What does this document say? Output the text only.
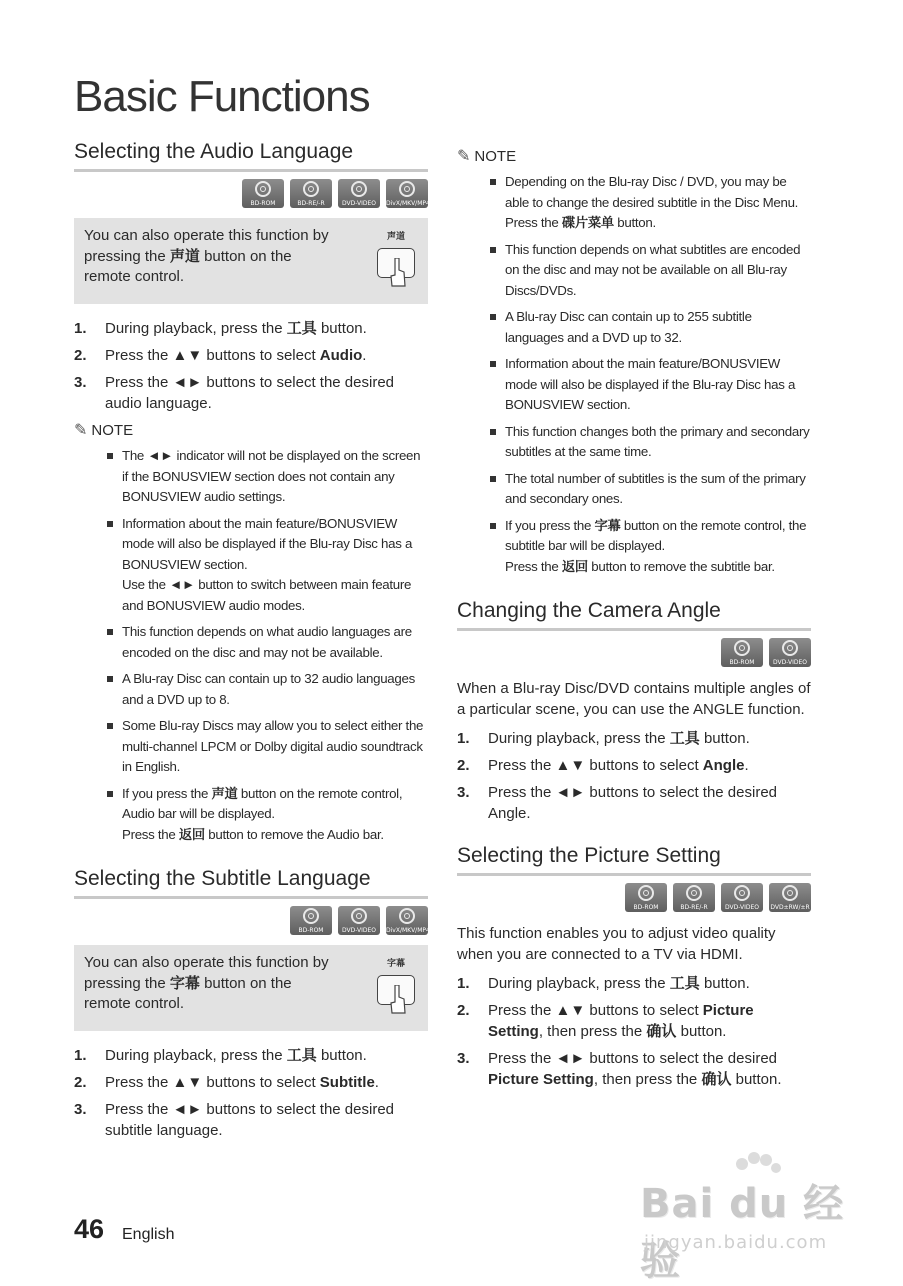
Basic Functions
Selecting the Audio Language
BD-ROM	BD-RE/-R	DVD-VIDEO	DivX/MKV/MP4
You can also operate this function by pressing the 声道 button on the remote control.
声道
1. During playback, press the 工具 button.
2. Press the ▲▼ buttons to select Audio.
3. Press the ◄► buttons to select the desired audio language.
✎ NOTE
The ◄► indicator will not be displayed on the screen if the BONUSVIEW section does not contain any BONUSVIEW audio settings.
Information about the main feature/BONUSVIEW mode will also be displayed if the Blu-ray Disc has a BONUSVIEW section.
Use the ◄► button to switch between main feature and BONUSVIEW audio modes.
This function depends on what audio languages are encoded on the disc and may not be available.
A Blu-ray Disc can contain up to 32 audio languages and a DVD up to 8.
Some Blu-ray Discs may allow you to select either the multi-channel LPCM or Dolby digital audio soundtrack in English.
If you press the 声道 button on the remote control, Audio bar will be displayed.
Press the 返回 button to remove the Audio bar.
Selecting the Subtitle Language
BD-ROM	DVD-VIDEO	DivX/MKV/MP4
You can also operate this function by pressing the 字幕 button on the remote control.
字幕
1. During playback, press the 工具 button.
2. Press the ▲▼ buttons to select Subtitle.
3. Press the ◄► buttons to select the desired subtitle language.
✎ NOTE
Depending on the Blu-ray Disc / DVD, you may be able to change the desired subtitle in the Disc Menu. Press the 碟片菜单 button.
This function depends on what subtitles are encoded on the disc and may not be available on all Blu-ray Discs/DVDs.
A Blu-ray Disc can contain up to 255 subtitle languages and a DVD up to 32.
Information about the main feature/BONUSVIEW mode will also be displayed if the Blu-ray Disc has a BONUSVIEW section.
This function changes both the primary and secondary subtitles at the same time.
The total number of subtitles is the sum of the primary and secondary ones.
If you press the 字幕 button on the remote control, the subtitle bar will be displayed.
Press the 返回 button to remove the subtitle bar.
Changing the Camera Angle
BD-ROM	DVD-VIDEO
When a Blu-ray Disc/DVD contains multiple angles of a particular scene, you can use the ANGLE function.
1. During playback, press the 工具 button.
2. Press the ▲▼ buttons to select Angle.
3. Press the ◄► buttons to select the desired Angle.
Selecting the Picture Setting
BD-ROM	BD-RE/-R	DVD-VIDEO	DVD±RW/±R
This function enables you to adjust video quality when you are connected to a TV via HDMI.
1. During playback, press the 工具 button.
2. Press the ▲▼ buttons to select Picture Setting, then press the 确认 button.
3. Press the ◄► buttons to select the desired Picture Setting, then press the 确认 button.
46 English
Bai du 经验
jingyan.baidu.com
